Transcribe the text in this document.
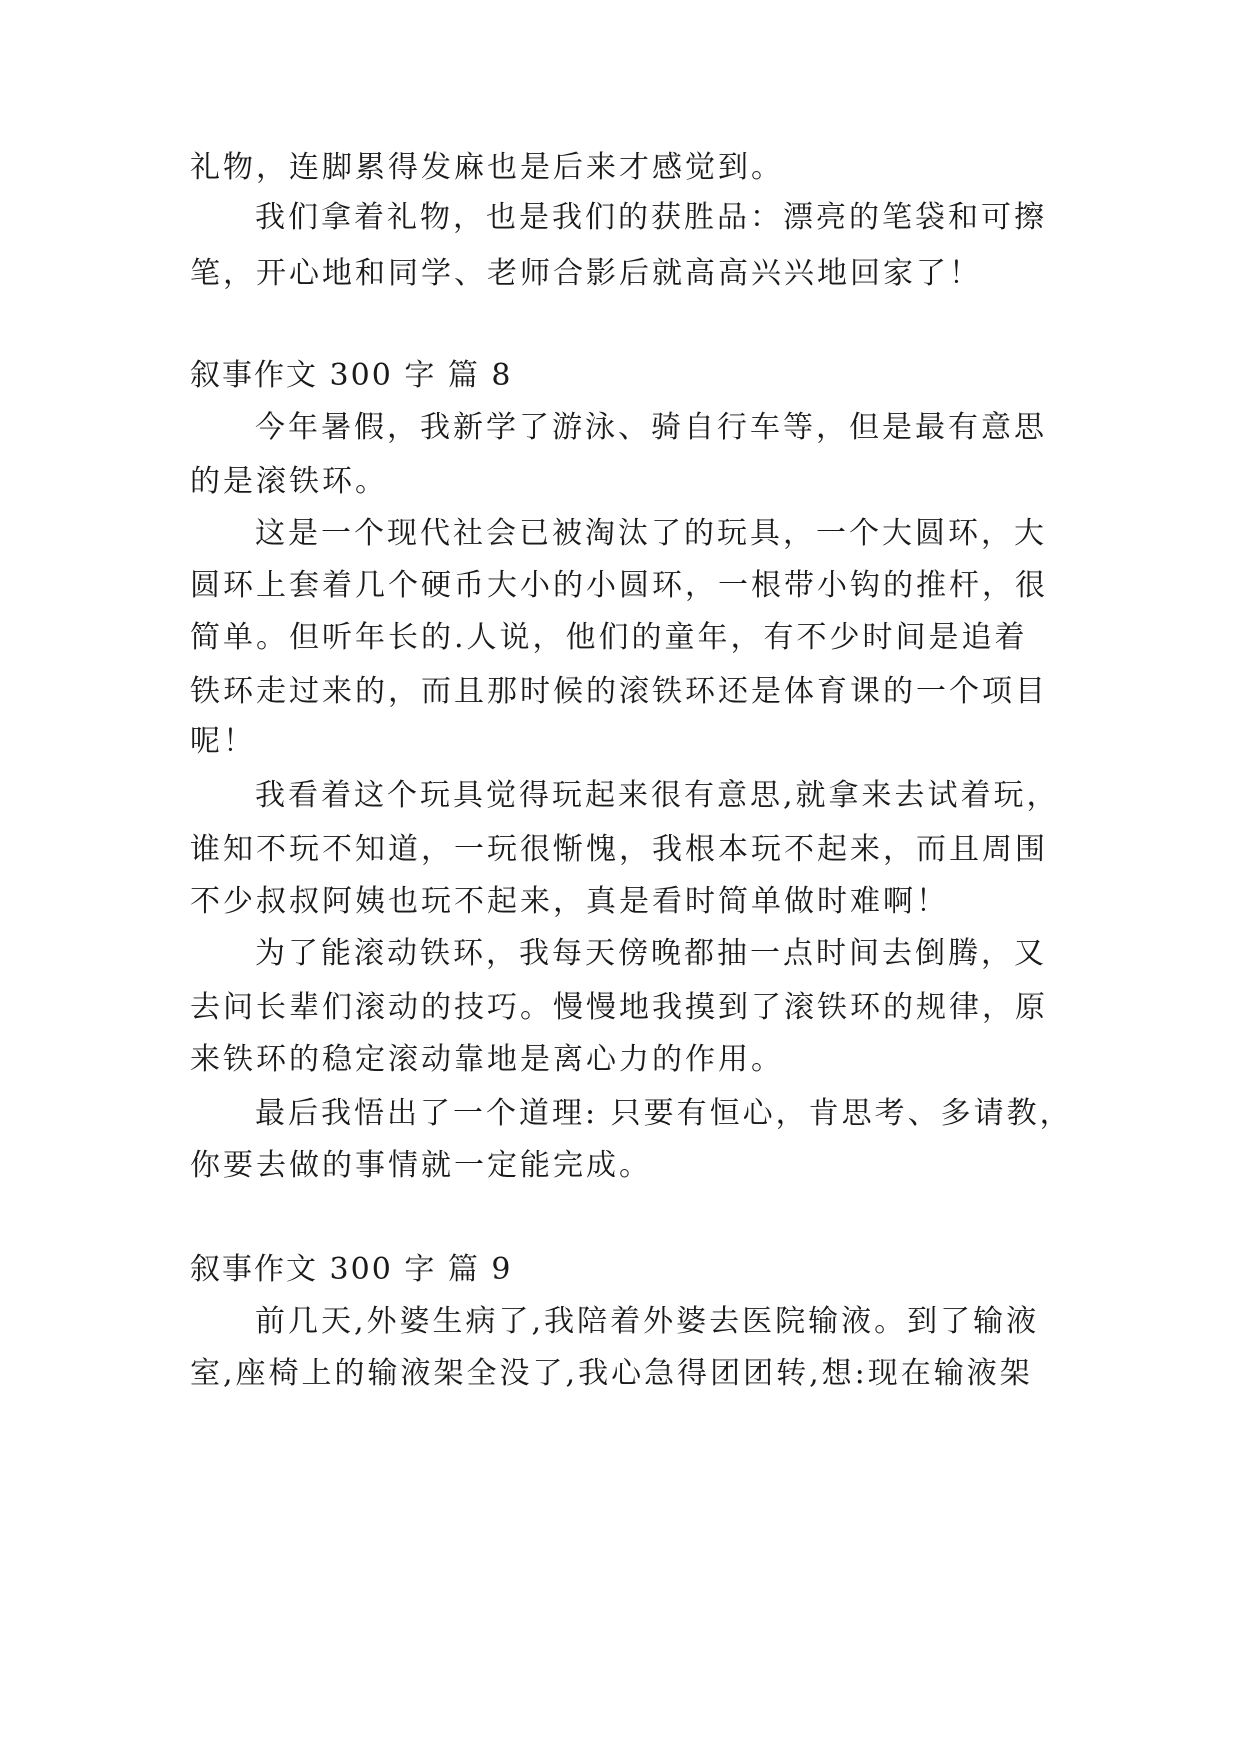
礼物，连脚累得发麻也是后来才感觉到。
我们拿着礼物，也是我们的获胜品：漂亮的笔袋和可擦
笔，开心地和同学、老师合影后就高高兴兴地回家了！
叙事作文 300 字 篇 8
今年暑假，我新学了游泳、骑自行车等，但是最有意思
的是滚铁环。
这是一个现代社会已被淘汰了的玩具，一个大圆环，大
圆环上套着几个硬币大小的小圆环，一根带小钩的推杆，很
简单。但听年长的.人说，他们的童年，有不少时间是追着
铁环走过来的，而且那时候的滚铁环还是体育课的一个项目
呢！
我看着这个玩具觉得玩起来很有意思,就拿来去试着玩，
谁知不玩不知道，一玩很惭愧，我根本玩不起来，而且周围
不少叔叔阿姨也玩不起来，真是看时简单做时难啊！
为了能滚动铁环，我每天傍晚都抽一点时间去倒腾，又
去问长辈们滚动的技巧。慢慢地我摸到了滚铁环的规律，原
来铁环的稳定滚动靠地是离心力的作用。
最后我悟出了一个道理: 只要有恒心，肯思考、多请教，
你要去做的事情就一定能完成。
叙事作文 300 字 篇 9
前几天,外婆生病了,我陪着外婆去医院输液。到了输液
室,座椅上的输液架全没了,我心急得团团转,想:现在输液架
